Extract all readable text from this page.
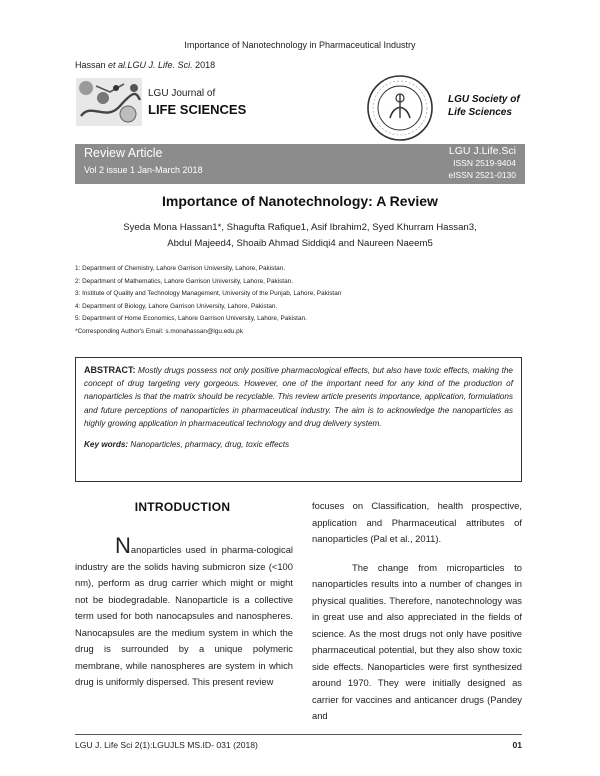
Importance of Nanotechnology in Pharmaceutical Industry
Hassan et al.LGU J. Life. Sci. 2018
LGU Journal of
LIFE SCIENCES
LGU Society of
Life Sciences
Review Article
Vol 2 issue 1 Jan-March 2018
LGU J.Life.Sci
ISSN 2519-9404
eISSN 2521-0130
Importance of Nanotechnology: A Review
Syeda Mona Hassan1*, Shagufta Rafique1, Asif Ibrahim2, Syed Khurram Hassan3,
Abdul Majeed4, Shoaib Ahmad Siddiqi4 and Naureen Naeem5
1: Department of Chemistry, Lahore Garrison University, Lahore, Pakistan.
2: Department of Mathematics, Lahore Garrison University, Lahore, Pakistan.
3: Institute of Quality and Technology Management, University of the Punjab, Lahore, Pakistan
4: Department of Biology, Lahore Garrison University, Lahore, Pakistan.
5: Department of Home Economics, Lahore Garrison University, Lahore, Pakistan.
*Corresponding Author's Email: s.monahassan@lgu.edu.pk
ABSTRACT: Mostly drugs possess not only positive pharmacological effects, but also have toxic effects, making the concept of drug targeting very gorgeous. However, one of the important need for any kind of the production of nanoparticles is that the matrix should be recyclable. This review article presents importance, application, formulations and future perceptions of nanoparticles in pharmaceutical industry. The aim is to acknowledge the nanoparticles as highly growing application in pharmaceutical technology and drug delivery system.
Key words: Nanoparticles, pharmacy, drug, toxic effects
INTRODUCTION
Nanoparticles used in pharma-cological industry are the solids having submicron size (<100 nm), perform as drug carrier which might or might not be biodegradable. Nanoparticle is a collective term used for both nanocapsules and nanospheres. Nanocapsules are the medium system in which the drug is surrounded by a unique polymeric membrane, while nanospheres are system in which drug is uniformly dispersed. This present review
focuses on Classification, health prospective, application and Pharmaceutical attributes of nanoparticles (Pal et al., 2011).
The change from microparticles to nanoparticles results into a number of changes in physical qualities. Therefore, nanotechnology was in great use and also appreciated in the fields of science. As the most drugs not only have positive pharmaceutical potential, but they also show toxic side effects. Nanoparticles were first synthesized around 1970. They were initially designed as carrier for vaccines and anticancer drugs (Pandey and
LGU J. Life Sci 2(1):LGUJLS MS.ID- 031 (2018)	01
